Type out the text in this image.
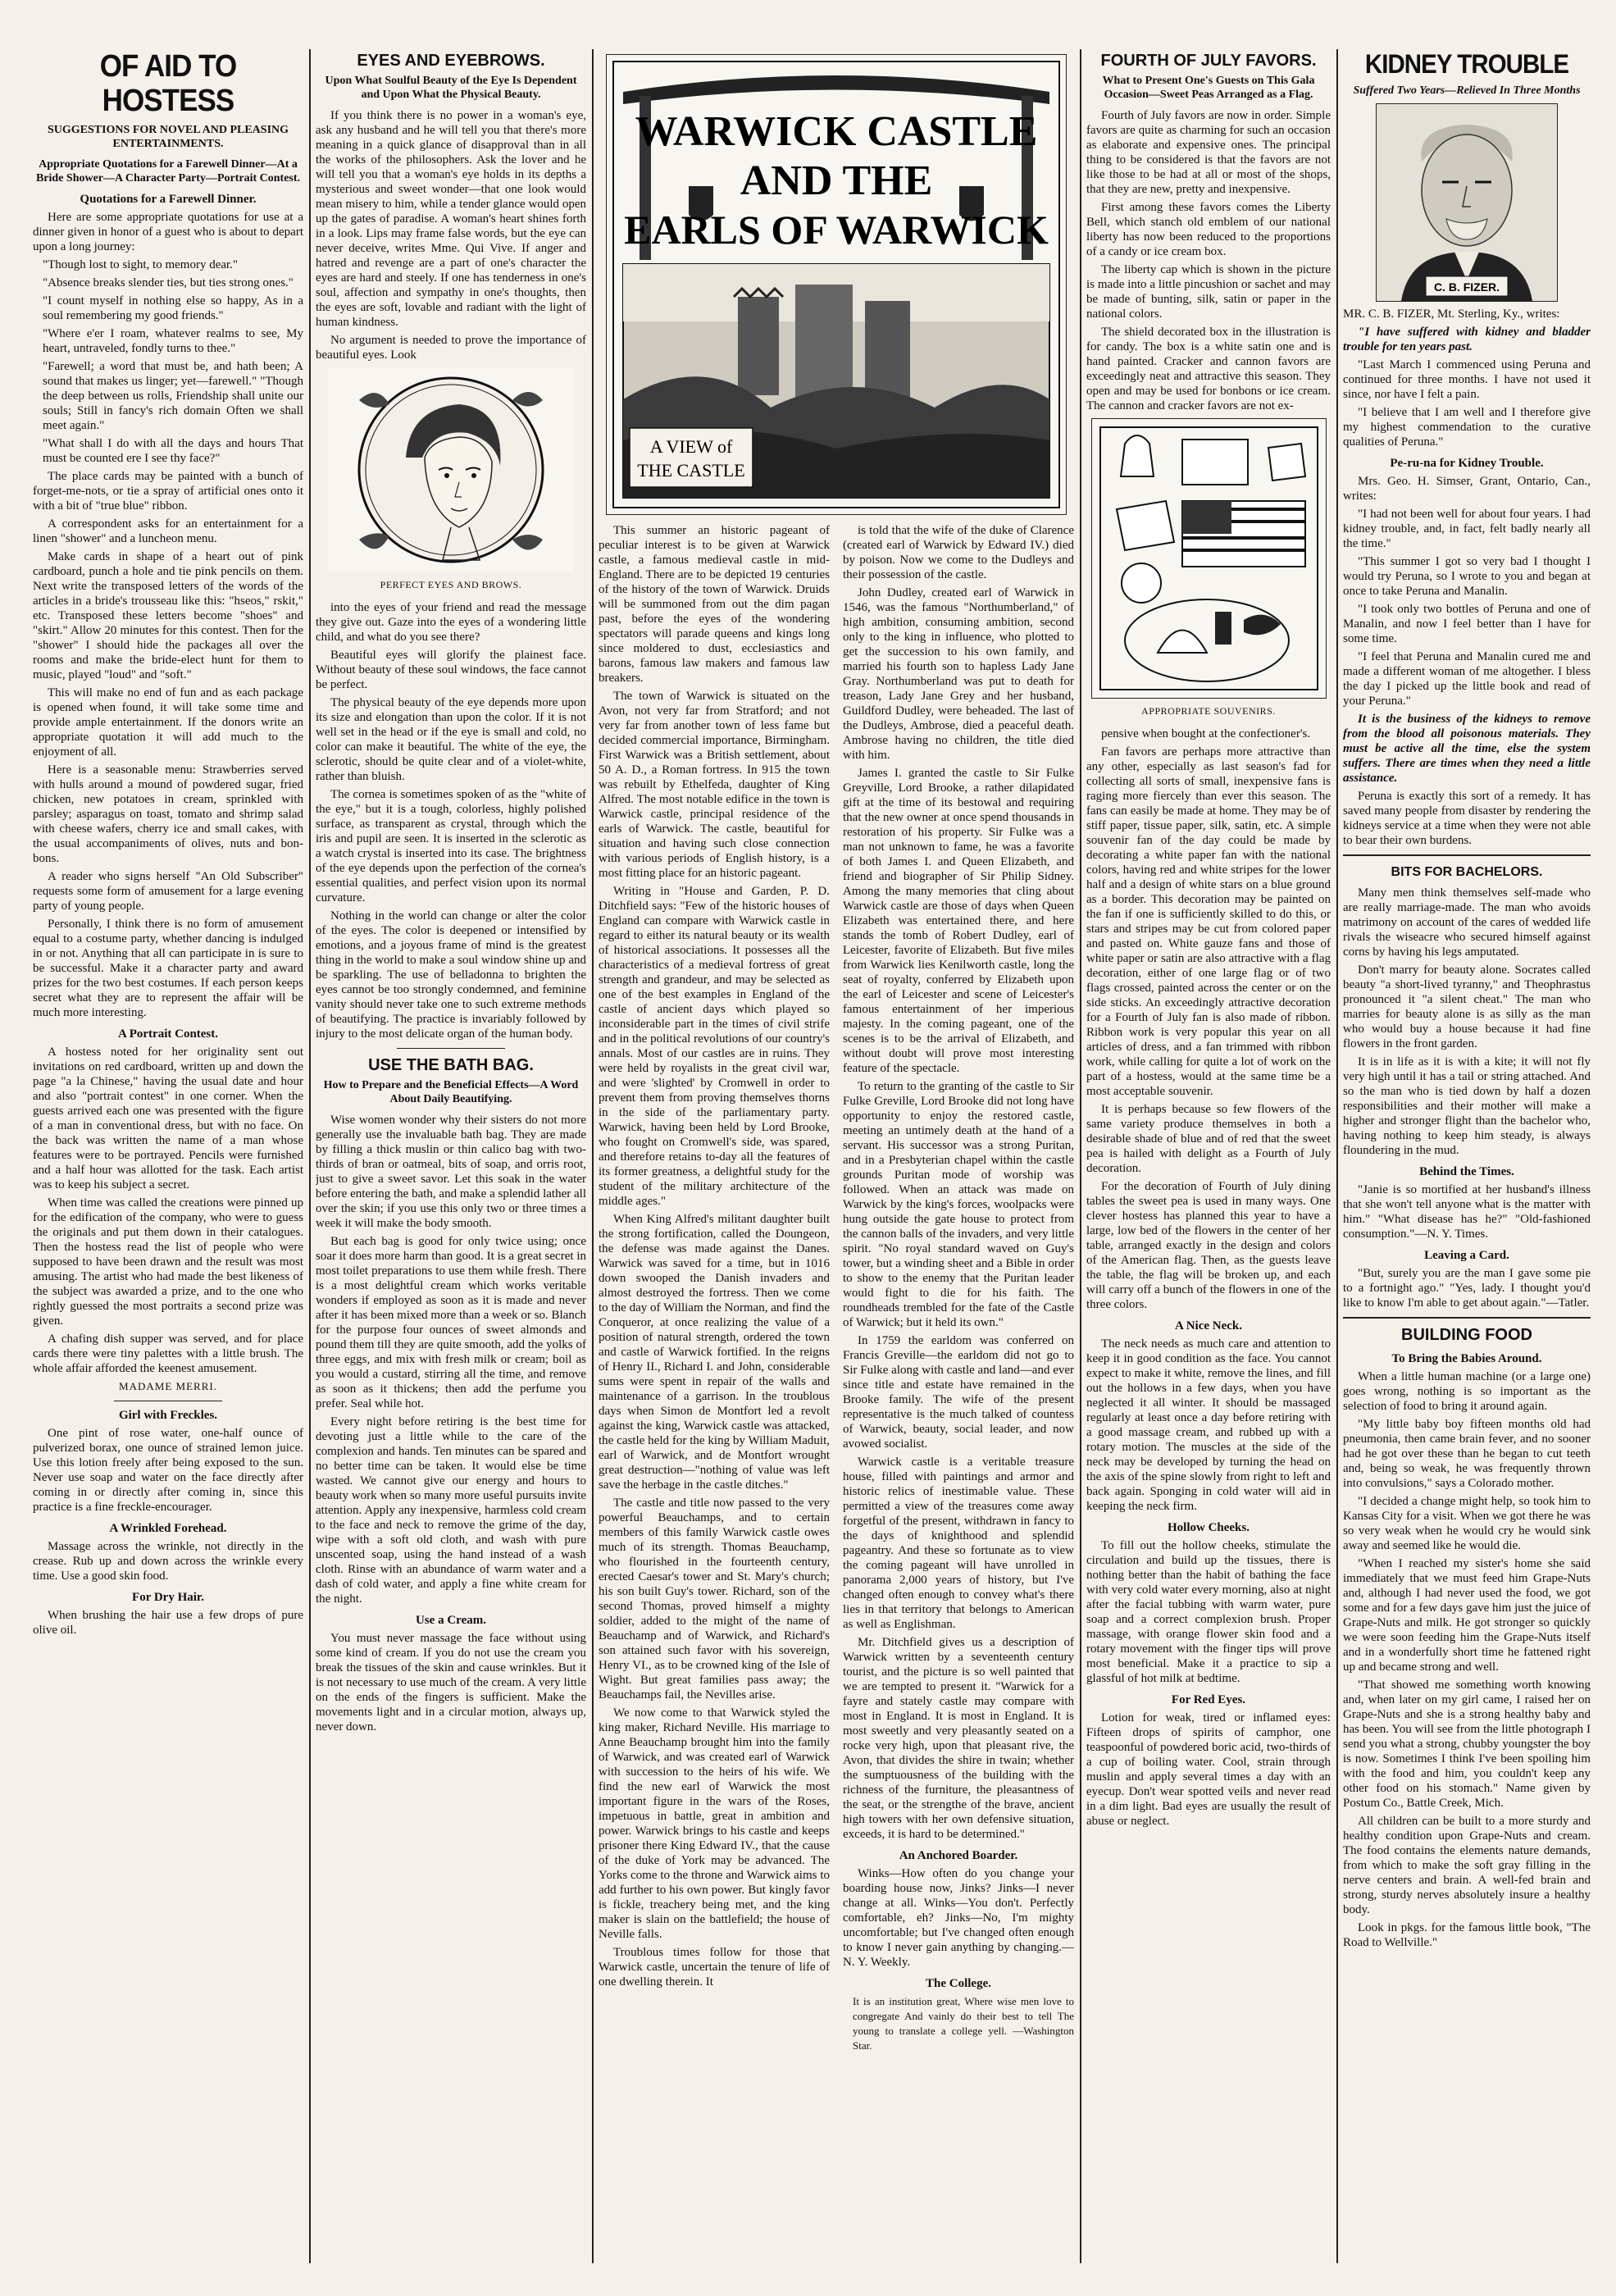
OF AID TO HOSTESS
SUGGESTIONS FOR NOVEL AND PLEASING ENTERTAINMENTS.
Appropriate Quotations for a Farewell Dinner—At a Bride Shower—A Character Party—Portrait Contest.
Quotations for a Farewell Dinner.

Here are some appropriate quotations for use at a dinner given in honor of a guest who is about to depart upon a long journey:

"Though lost to sight, to memory dear."

"Absence breaks slender ties, but ties strong ones."

"I count myself in nothing else so happy, As in a soul remembering my good friends."

"Where e'er I roam, whatever realms to see, My heart, untraveled, fondly turns to thee."

"Farewell; a word that must be, and hath been; A sound that makes us linger; yet—farewell." "Though the deep between us rolls, Friendship shall unite our souls; Still in fancy's rich domain Often we shall meet again."

"What shall I do with all the days and hours That must be counted ere I see thy face?"

The place cards may be painted with a bunch of forget-me-nots, or tie a spray of artificial ones onto it with a bit of "true blue" ribbon.

A correspondent asks for an entertainment for a linen "shower" and a luncheon menu.

Make cards in shape of a heart out of pink cardboard, punch a hole and tie pink pencils on them. Next write the transposed letters of the words of the articles in a bride's trousseau like this: "hseos," rskit," etc. Transposed these letters become "shoes" and "skirt." Allow 20 minutes for this contest. Then for the "shower" I should hide the packages all over the rooms and make the bride-elect hunt for them to music, played "loud" and "soft."

This will make no end of fun and as each package is opened when found, it will take some time and provide ample entertainment. If the donors write an appropriate quotation it will add much to the enjoyment of all.

Here is a seasonable menu: Strawberries served with hulls around a mound of powdered sugar, fried chicken, new potatoes in cream, sprinkled with parsley; asparagus on toast, tomato and shrimp salad with cheese wafers, cherry ice and small cakes, with the usual accompaniments of olives, nuts and bon-bons.

A reader who signs herself "An Old Subscriber" requests some form of amusement for a large evening party of young people.

Personally, I think there is no form of amusement equal to a costume party, whether dancing is indulged in or not. Anything that all can participate in is sure to be successful. Make it a character party and award prizes for the two best costumes. If each person keeps secret what they are to represent the affair will be much more interesting.

A Portrait Contest.

A hostess noted for her originality sent out invitations on red cardboard, written up and down the page "a la Chinese," having the usual date and hour and also "portrait contest" in one corner. When the guests arrived each one was presented with the figure of a man in conventional dress, but with no face. On the back was written the name of a man whose features were to be portrayed. Pencils were furnished and a half hour was allotted for the task. Each artist was to keep his subject a secret.

When time was called the creations were pinned up for the edification of the company, who were to guess the originals and put them down in their catalogues. Then the hostess read the list of people who were supposed to have been drawn and the result was most amusing. The artist who had made the best likeness of the subject was awarded a prize, and to the one who rightly guessed the most portraits a second prize was given.

A chafing dish supper was served, and for place cards there were tiny palettes with a little brush. The whole affair afforded the keenest amusement.

MADAME MERRI.

Girl with Freckles.

One pint of rose water, one-half ounce of pulverized borax, one ounce of strained lemon juice. Use this lotion freely after being exposed to the sun. Never use soap and water on the face directly after coming in or directly after coming in, since this practice is a fine freckle-encourager.

A Wrinkled Forehead.

Massage across the wrinkle, not directly in the crease. Rub up and down across the wrinkle every time. Use a good skin food.

For Dry Hair.

When brushing the hair use a few drops of pure olive oil.

EYES AND EYEBROWS.
Upon What Soulful Beauty of the Eye Is Dependent and Upon What the Physical Beauty.

If you think there is no power in a woman's eye, ask any husband and he will tell you that there's more meaning in a quick glance of disapproval than in all the works of the philosophers. Ask the lover and he will tell you that a woman's eye holds in its depths a mysterious and sweet wonder—that one look would mean misery to him, while a tender glance would open up the gates of paradise. A woman's heart shines forth in a look. Lips may frame false words, but the eye can never deceive, writes Mme. Qui Vive. If anger and hatred and revenge are a part of one's character the eyes are hard and steely. If one has tenderness in one's soul, affection and sympathy in one's thoughts, then the eyes are soft, lovable and radiant with the light of human kindness.

No argument is needed to prove the importance of beautiful eyes. Look

PERFECT EYES AND BROWS.

into the eyes of your friend and read the message they give out. Gaze into the eyes of a wondering little child, and what do you see there?

Beautiful eyes will glorify the plainest face. Without beauty of these soul windows, the face cannot be perfect.

The physical beauty of the eye depends more upon its size and elongation than upon the color. If it is not well set in the head or if the eye is small and cold, no color can make it beautiful. The white of the eye, the sclerotic, should be quite clear and of a violet-white, rather than bluish.

The cornea is sometimes spoken of as the "white of the eye," but it is a tough, colorless, highly polished surface, as transparent as crystal, through which the iris and pupil are seen. It is inserted in the sclerotic as a watch crystal is inserted into its case. The brightness of the eye depends upon the perfection of the cornea's essential qualities, and perfect vision upon its normal curvature.

Nothing in the world can change or alter the color of the eyes. The color is deepened or intensified by emotions, and a joyous frame of mind is the greatest thing in the world to make a soul window shine up and be sparkling. The use of belladonna to brighten the eyes cannot be too strongly condemned, and feminine vanity should never take one to such extreme methods of beautifying. The practice is invariably followed by injury to the most delicate organ of the human body.

USE THE BATH BAG.
How to Prepare and the Beneficial Effects—A Word About Daily Beautifying.

Wise women wonder why their sisters do not more generally use the invaluable bath bag. They are made by filling a thick muslin or thin calico bag with two-thirds of bran or oatmeal, bits of soap, and orris root, just to give a sweet savor. Let this soak in the water before entering the bath, and make a splendid lather all over the skin; if you use this only two or three times a week it will make the body smooth.

But each bag is good for only twice using; once soar it does more harm than good. It is a great secret in most toilet preparations to use them while fresh. There is a most delightful cream which works veritable wonders if employed as soon as it is made and never after it has been mixed more than a week or so. Blanch for the purpose four ounces of sweet almonds and pound them till they are quite smooth, add the yolks of three eggs, and mix with fresh milk or cream; boil as you would a custard, stirring all the time, and remove as soon as it thickens; then add the perfume you prefer. Seal while hot.

Every night before retiring is the best time for devoting just a little while to the care of the complexion and hands. Ten minutes can be spared and no better time can be taken. It would else be time wasted. We cannot give our energy and hours to beauty work when so many more useful pursuits invite attention. Apply any inexpensive, harmless cold cream to the face and neck to remove the grime of the day, wipe with a soft old cloth, and wash with pure unscented soap, using the hand instead of a wash cloth. Rinse with an abundance of warm water and a dash of cold water, and apply a fine white cream for the night.

Use a Cream.

You must never massage the face without using some kind of cream. If you do not use the cream you break the tissues of the skin and cause wrinkles. But it is not necessary to use much of the cream. A very little on the ends of the fingers is sufficient. Make the movements light and in a circular motion, always up, never down.

WARWICK CASTLE
AND THE
EARLS OF WARWICK
A VIEW of
THE CASTLE

This summer an historic pageant of peculiar interest is to be given at Warwick castle, a famous medieval castle in mid-England. There are to be depicted 19 centuries of the history of the town of Warwick. Druids will be summoned from out the dim pagan past, before the eyes of the wondering spectators will parade queens and kings long since moldered to dust, ecclesiastics and barons, famous law makers and famous law breakers.

The town of Warwick is situated on the Avon, not very far from Stratford; and not very far from another town of less fame but decided commercial importance, Birmingham. First Warwick was a British settlement, about 50 A. D., a Roman fortress. In 915 the town was rebuilt by Ethelfeda, daughter of King Alfred. The most notable edifice in the town is Warwick castle, principal residence of the earls of Warwick. The castle, beautiful for situation and having such close connection with various periods of English history, is a most fitting place for an historic pageant.

Writing in "House and Garden, P. D. Ditchfield says: "Few of the historic houses of England can compare with Warwick castle in regard to either its natural beauty or its wealth of historical associations. It possesses all the characteristics of a medieval fortress of great strength and grandeur, and may be selected as one of the best examples in England of the castle of ancient days which played so inconsiderable part in the times of civil strife and in the political revolutions of our country's annals. Most of our castles are in ruins. They were held by royalists in the great civil war, and were 'slighted' by Cromwell in order to prevent them from proving themselves thorns in the side of the parliamentary party. Warwick, having been held by Lord Brooke, who fought on Cromwell's side, was spared, and therefore retains to-day all the features of its former greatness, a delightful study for the student of the military architecture of the middle ages."

When King Alfred's militant daughter built the strong fortification, called the Doungeon, the defense was made against the Danes. Warwick was saved for a time, but in 1016 down swooped the Danish invaders and almost destroyed the fortress. Then we come to the day of William the Norman, and find the Conqueror, at once realizing the value of a position of natural strength, ordered the town and castle of Warwick fortified. In the reigns of Henry II., Richard I. and John, considerable sums were spent in repair of the walls and maintenance of a garrison. In the troublous days when Simon de Montfort led a revolt against the king, Warwick castle was attacked, the castle held for the king by William Maduit, earl of Warwick, and de Montfort wrought great destruction—"nothing of value was left save the herbage in the castle ditches."

The castle and title now passed to the very powerful Beauchamps, and to certain members of this family Warwick castle owes much of its strength. Thomas Beauchamp, who flourished in the fourteenth century, erected Caesar's tower and St. Mary's church; his son built Guy's tower. Richard, son of the second Thomas, proved himself a mighty soldier, added to the might of the name of Beauchamp and of Warwick, and Richard's son attained such favor with his sovereign, Henry VI., as to be crowned king of the Isle of Wight. But great families pass away; the Beauchamps fail, the Nevilles arise.

We now come to that Warwick styled the king maker, Richard Neville. His marriage to Anne Beauchamp brought him into the family of Warwick, and was created earl of Warwick with succession to the heirs of his wife. We find the new earl of Warwick the most important figure in the wars of the Roses, impetuous in battle, great in ambition and power. Warwick brings to his castle and keeps prisoner there King Edward IV., that the cause of the duke of York may be advanced. The Yorks come to the throne and Warwick aims to add further to his own power. But kingly favor is fickle, treachery being met, and the king maker is slain on the battlefield; the house of Neville falls.

Troublous times follow for those that Warwick castle, uncertain the tenure of life of one dwelling therein. It

is told that the wife of the duke of Clarence (created earl of Warwick by Edward IV.) died by poison. Now we come to the Dudleys and their possession of the castle.

John Dudley, created earl of Warwick in 1546, was the famous "Northumberland," of high ambition, consuming ambition, second only to the king in influence, who plotted to get the succession to his own family, and married his fourth son to hapless Lady Jane Gray. Northumberland was put to death for treason, Lady Jane Grey and her husband, Guildford Dudley, were beheaded. The last of the Dudleys, Ambrose, died a peaceful death. Ambrose having no children, the title died with him.

James I. granted the castle to Sir Fulke Greyville, Lord Brooke, a rather dilapidated gift at the time of its bestowal and requiring that the new owner at once spend thousands in restoration of his property. Sir Fulke was a man not unknown to fame, he was a favorite of both James I. and Queen Elizabeth, and friend and biographer of Sir Philip Sidney. Among the many memories that cling about Warwick castle are those of days when Queen Elizabeth was entertained there, and here stands the tomb of Robert Dudley, earl of Leicester, favorite of Elizabeth. But five miles from Warwick lies Kenilworth castle, long the seat of royalty, conferred by Elizabeth upon the earl of Leicester and scene of Leicester's famous entertainment of her imperious majesty. In the coming pageant, one of the scenes is to be the arrival of Elizabeth, and without doubt will prove most interesting feature of the spectacle.

To return to the granting of the castle to Sir Fulke Greville, Lord Brooke did not long have opportunity to enjoy the restored castle, meeting an untimely death at the hand of a servant. His successor was a strong Puritan, and in a Presbyterian chapel within the castle grounds Puritan mode of worship was followed. When an attack was made on Warwick by the king's forces, woolpacks were hung outside the gate house to protect from the cannon balls of the invaders, and very little spirit. "No royal standard waved on Guy's tower, but a winding sheet and a Bible in order to show to the enemy that the Puritan leader would fight to die for his faith. The roundheads trembled for the fate of the Castle of Warwick; but it held its own."

In 1759 the earldom was conferred on Francis Greville—the earldom did not go to Sir Fulke along with castle and land—and ever since title and estate have remained in the Brooke family. The wife of the present representative is the much talked of countess of Warwick, beauty, social leader, and now avowed socialist.

Warwick castle is a veritable treasure house, filled with paintings and armor and historic relics of inestimable value. These permitted a view of the treasures come away forgetful of the present, withdrawn in fancy to the days of knighthood and splendid pageantry. And these so fortunate as to view the coming pageant will have unrolled in panorama 2,000 years of history, but I've changed often enough to convey what's there lies in that territory that belongs to American as well as Englishman.

Mr. Ditchfield gives us a description of Warwick written by a seventeenth century tourist, and the picture is so well painted that we are tempted to present it. "Warwick for a fayre and stately castle may compare with most in England. It is most in England. It is most sweetly and very pleasantly seated on a rocke very high, upon that pleasant rive, the Avon, that divides the shire in twain; whether the sumptuousness of the building with the richness of the furniture, the pleasantness of the seat, or the strengthe of the brave, ancient high towers with her own defensive situation, exceeds, it is hard to be determined."

An Anchored Boarder.

Winks—How often do you change your boarding house now, Jinks? Jinks—I never change at all. Winks—You don't. Perfectly comfortable, eh? Jinks—No, I'm mighty uncomfortable; but I've changed often enough to know I never gain anything by changing.—N. Y. Weekly.

The College.

It is an institution great, Where wise men love to congregate And vainly do their best to tell The young to translate a college yell. —Washington Star.

FOURTH OF JULY FAVORS.
What to Present One's Guests on This Gala Occasion—Sweet Peas Arranged as a Flag.

Fourth of July favors are now in order. Simple favors are quite as charming for such an occasion as elaborate and expensive ones. The principal thing to be considered is that the favors are not like those to be had at all or most of the shops, that they are new, pretty and inexpensive.

First among these favors comes the Liberty Bell, which stanch old emblem of our national liberty has now been reduced to the proportions of a candy or ice cream box.

The liberty cap which is shown in the picture is made into a little pincushion or sachet and may be made of bunting, silk, satin or paper in the national colors.

The shield decorated box in the illustration is for candy. The box is a white satin one and is hand painted. Cracker and cannon favors are exceedingly neat and attractive this season. They open and may be used for bonbons or ice cream. The cannon and cracker favors are not ex-

APPROPRIATE SOUVENIRS.

pensive when bought at the confectioner's.

Fan favors are perhaps more attractive than any other, especially as last season's fad for collecting all sorts of small, inexpensive fans is raging more fiercely than ever this season. The fans can easily be made at home. They may be of stiff paper, tissue paper, silk, satin, etc. A simple souvenir fan of the day could be made by decorating a white paper fan with the national colors, having red and white stripes for the lower half and a design of white stars on a blue ground as a border. This decoration may be painted on the fan if one is sufficiently skilled to do this, or stars and stripes may be cut from colored paper and pasted on. White gauze fans and those of white paper or satin are also attractive with a flag decoration, either of one large flag or of two flags crossed, painted across the center or on the side sticks. An exceedingly attractive decoration for a Fourth of July fan is also made of ribbon. Ribbon work is very popular this year on all articles of dress, and a fan trimmed with ribbon work, while calling for quite a lot of work on the part of a hostess, would at the same time be a most acceptable souvenir.

It is perhaps because so few flowers of the same variety produce themselves in both a desirable shade of blue and of red that the sweet pea is hailed with delight as a Fourth of July decoration.

For the decoration of Fourth of July dining tables the sweet pea is used in many ways. One clever hostess has planned this year to have a large, low bed of the flowers in the center of her table, arranged exactly in the design and colors of the American flag. Then, as the guests leave the table, the flag will be broken up, and each will carry off a bunch of the flowers in one of the three colors.

A Nice Neck.

The neck needs as much care and attention to keep it in good condition as the face. You cannot expect to make it white, remove the lines, and fill out the hollows in a few days, when you have neglected it all winter. It should be massaged regularly at least once a day before retiring with a good massage cream, and rubbed up with a rotary motion. The muscles at the side of the neck may be developed by turning the head on the axis of the spine slowly from right to left and back again. Sponging in cold water will aid in keeping the neck firm.

Hollow Cheeks.

To fill out the hollow cheeks, stimulate the circulation and build up the tissues, there is nothing better than the habit of bathing the face with very cold water every morning, also at night after the facial tubbing with warm water, pure soap and a correct complexion brush. Proper massage, with orange flower skin food and a rotary movement with the finger tips will prove most beneficial. Make it a practice to sip a glassful of hot milk at bedtime.

For Red Eyes.

Lotion for weak, tired or inflamed eyes: Fifteen drops of spirits of camphor, one teaspoonful of powdered boric acid, two-thirds of a cup of boiling water. Cool, strain through muslin and apply several times a day with an eyecup. Don't wear spotted veils and never read in a dim light. Bad eyes are usually the result of abuse or neglect.

KIDNEY TROUBLE

Suffered Two Years—Relieved In Three Months

C. B. FIZER.

MR. C. B. FIZER, Mt. Sterling, Ky., writes:

"I have suffered with kidney and bladder trouble for ten years past.

"Last March I commenced using Peruna and continued for three months. I have not used it since, nor have I felt a pain.

"I believe that I am well and I therefore give my highest commendation to the curative qualities of Peruna."

Pe-ru-na for Kidney Trouble.

Mrs. Geo. H. Simser, Grant, Ontario, Can., writes:

"I had not been well for about four years. I had kidney trouble, and, in fact, felt badly nearly all the time."

"This summer I got so very bad I thought I would try Peruna, so I wrote to you and began at once to take Peruna and Manalin.

"I took only two bottles of Peruna and one of Manalin, and now I feel better than I have for some time.

"I feel that Peruna and Manalin cured me and made a different woman of me altogether. I bless the day I picked up the little book and read of your Peruna."

It is the business of the kidneys to remove from the blood all poisonous materials. They must be active all the time, else the system suffers. There are times when they need a little assistance.

Peruna is exactly this sort of a remedy. It has saved many people from disaster by rendering the kidneys service at a time when they were not able to bear their own burdens.

BITS FOR BACHELORS.

Many men think themselves self-made who are really marriage-made. The man who avoids matrimony on account of the cares of wedded life rivals the wiseacre who secured himself against corns by having his legs amputated.

Don't marry for beauty alone. Socrates called beauty "a short-lived tyranny," and Theophrastus pronounced it "a silent cheat." The man who marries for beauty alone is as silly as the man who would buy a house because it had fine flowers in the front garden.

It is in life as it is with a kite; it will not fly very high until it has a tail or string attached. And so the man who is tied down by half a dozen responsibilities and their mother will make a higher and stronger flight than the bachelor who, having nothing to keep him steady, is always floundering in the mud.

Behind the Times.

"Janie is so mortified at her husband's illness that she won't tell anyone what is the matter with him." "What disease has he?" "Old-fashioned consumption."—N. Y. Times.

Leaving a Card.

"But, surely you are the man I gave some pie to a fortnight ago." "Yes, lady. I thought you'd like to know I'm able to get about again."—Tatler.

BUILDING FOOD
To Bring the Babies Around.

When a little human machine (or a large one) goes wrong, nothing is so important as the selection of food to bring it around again.

"My little baby boy fifteen months old had pneumonia, then came brain fever, and no sooner had he got over these than he began to cut teeth and, being so weak, he was frequently thrown into convulsions," says a Colorado mother.

"I decided a change might help, so took him to Kansas City for a visit. When we got there he was so very weak when he would cry he would sink away and seemed like he would die.

"When I reached my sister's home she said immediately that we must feed him Grape-Nuts and, although I had never used the food, we got some and for a few days gave him just the juice of Grape-Nuts and milk. He got stronger so quickly we were soon feeding him the Grape-Nuts itself and in a wonderfully short time he fattened right up and became strong and well.

"That showed me something worth knowing and, when later on my girl came, I raised her on Grape-Nuts and she is a strong healthy baby and has been. You will see from the little photograph I send you what a strong, chubby youngster the boy is now. Sometimes I think I've been spoiling him with the food and him, you couldn't keep any other food on his stomach." Name given by Postum Co., Battle Creek, Mich.

All children can be built to a more sturdy and healthy condition upon Grape-Nuts and cream. The food contains the elements nature demands, from which to make the soft gray filling in the nerve centers and brain. A well-fed brain and strong, sturdy nerves absolutely insure a healthy body.

Look in pkgs. for the famous little book, "The Road to Wellville."
